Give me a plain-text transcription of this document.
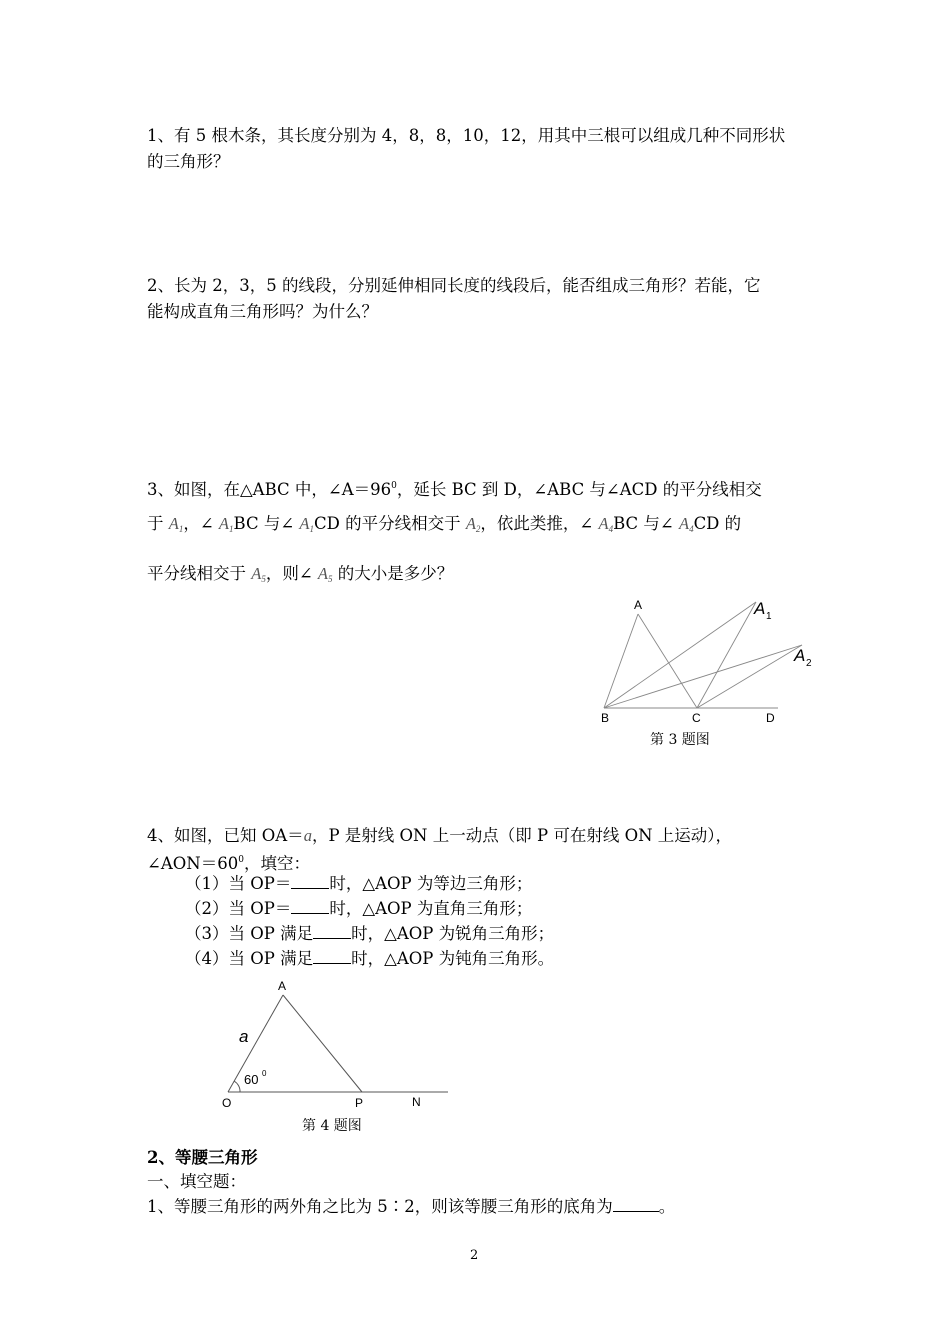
1、有 5 根木条，其长度分别为 4，8，8，10，12，用其中三根可以组成几种不同形状
的三角形？
2、长为 2，3，5 的线段，分别延伸相同长度的线段后，能否组成三角形？若能，它
能构成直角三角形吗？为什么？
3、如图，在△ABC 中，$\angle A=96^0$，延长 BC 到 D，∠ABC 与∠ACD 的平分线相交
于 $A_1$，∠ $A_1BC$ 与∠ $A_1CD$ 的平分线相交于 $A_2$，依此类推，∠ $A_4BC$ 与∠ $A_4CD$ 的
平分线相交于 $A_5$，则∠ $A_5$ 的大小是多少？
A	A 1
A 2
B	C	D
第 3 题图
4、如图，已知 OA＝a，P 是射线 ON 上一动点（即 P 可在射线 ON 上运动），
$\angle AON=60^0$，填空：
（1）当 OP＝ 时，△AOP 为等边三角形；
（2）当 OP＝ 时，△AOP 为直角三角形；
（3）当 OP 满足 时，△AOP 为锐角三角形；
（4）当 OP 满足 时，△AOP 为钝角三角形。
A
a
60 0
O	P	N
第 4 题图
2、等腰三角形
一、填空题：
1、等腰三角形的两外角之比为 5∶2，则该等腰三角形的底角为	。
2
